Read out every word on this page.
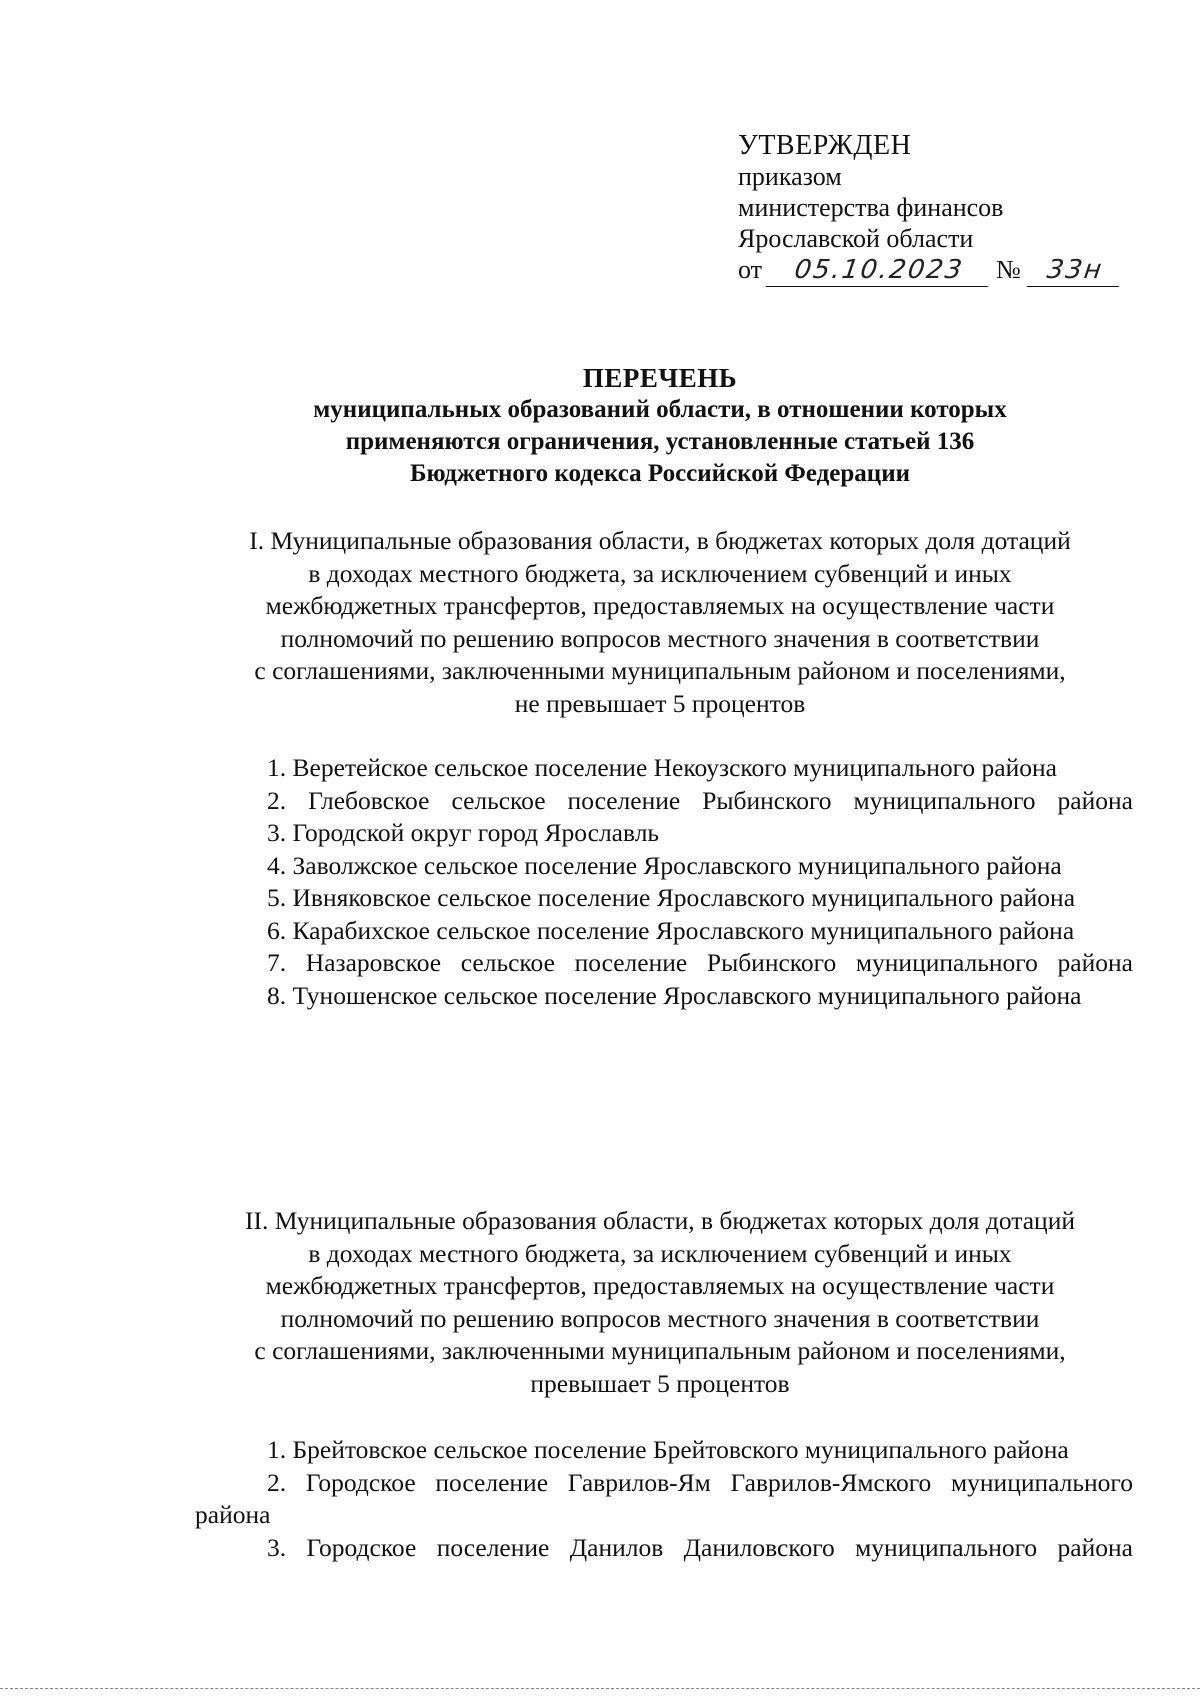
УТВЕРЖДЕН
приказом
министерства финансов
Ярославской области
от 05.10.2023 № 33н
ПЕРЕЧЕНЬ
муниципальных образований области, в отношении которых
применяются ограничения, установленные статьей 136
Бюджетного кодекса Российской Федерации
I. Муниципальные образования области, в бюджетах которых доля дотаций
в доходах местного бюджета, за исключением субвенций и иных
межбюджетных трансфертов, предоставляемых на осуществление части
полномочий по решению вопросов местного значения в соответствии
с соглашениями, заключенными муниципальным районом и поселениями,
не превышает 5 процентов
1. Веретейское сельское поселение Некоузского муниципального района
2. Глебовское сельское поселение Рыбинского муниципального района
3. Городской округ город Ярославль
4. Заволжское сельское поселение Ярославского муниципального района
5. Ивняковское сельское поселение Ярославского муниципального района
6. Карабихское сельское поселение Ярославского муниципального района
7. Назаровское сельское поселение Рыбинского муниципального района
8. Туношенское сельское поселение Ярославского муниципального района
II. Муниципальные образования области, в бюджетах которых доля дотаций
в доходах местного бюджета, за исключением субвенций и иных
межбюджетных трансфертов, предоставляемых на осуществление части
полномочий по решению вопросов местного значения в соответствии
с соглашениями, заключенными муниципальным районом и поселениями,
превышает 5 процентов
1. Брейтовское сельское поселение Брейтовского муниципального района
2. Городское поселение Гаврилов-Ям Гаврилов-Ямского муниципального района
3. Городское поселение Данилов Даниловского муниципального района
